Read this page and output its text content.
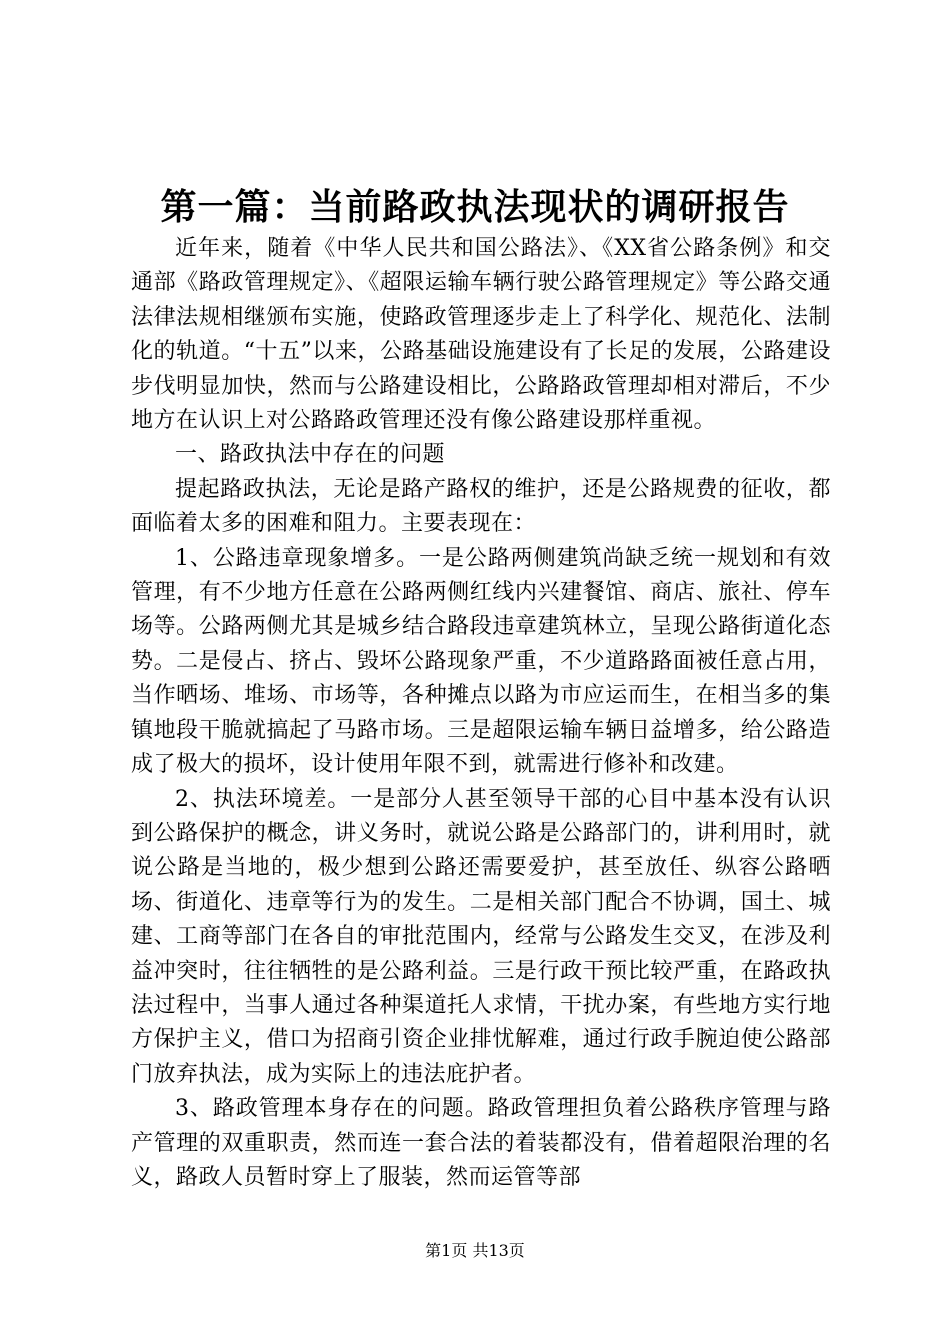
第一篇：当前路政执法现状的调研报告

近年来，随着《中华人民共和国公路法》、《XX省公路条例》和交通部《路政管理规定》、《超限运输车辆行驶公路管理规定》等公路交通法律法规相继颁布实施，使路政管理逐步走上了科学化、规范化、法制化的轨道。“十五”以来，公路基础设施建设有了长足的发展，公路建设步伐明显加快，然而与公路建设相比，公路路政管理却相对滞后，不少地方在认识上对公路路政管理还没有像公路建设那样重视。

一、路政执法中存在的问题

提起路政执法，无论是路产路权的维护，还是公路规费的征收，都面临着太多的困难和阻力。主要表现在：

1、公路违章现象增多。一是公路两侧建筑尚缺乏统一规划和有效管理，有不少地方任意在公路两侧红线内兴建餐馆、商店、旅社、停车场等。公路两侧尤其是城乡结合路段违章建筑林立，呈现公路街道化态势。二是侵占、挤占、毁坏公路现象严重，不少道路路面被任意占用，当作晒场、堆场、市场等，各种摊点以路为市应运而生，在相当多的集镇地段干脆就搞起了马路市场。三是超限运输车辆日益增多，给公路造成了极大的损坏，设计使用年限不到，就需进行修补和改建。

2、执法环境差。一是部分人甚至领导干部的心目中基本没有认识到公路保护的概念，讲义务时，就说公路是公路部门的，讲利用时，就说公路是当地的，极少想到公路还需要爱护，甚至放任、纵容公路晒场、街道化、违章等行为的发生。二是相关部门配合不协调，国土、城建、工商等部门在各自的审批范围内，经常与公路发生交叉，在涉及利益冲突时，往往牺牲的是公路利益。三是行政干预比较严重，在路政执法过程中，当事人通过各种渠道托人求情，干扰办案，有些地方实行地方保护主义，借口为招商引资企业排忧解难，通过行政手腕迫使公路部门放弃执法，成为实际上的违法庇护者。

3、路政管理本身存在的问题。路政管理担负着公路秩序管理与路产管理的双重职责，然而连一套合法的着装都没有，借着超限治理的名义，路政人员暂时穿上了服装，然而运管等部

第1页 共13页
